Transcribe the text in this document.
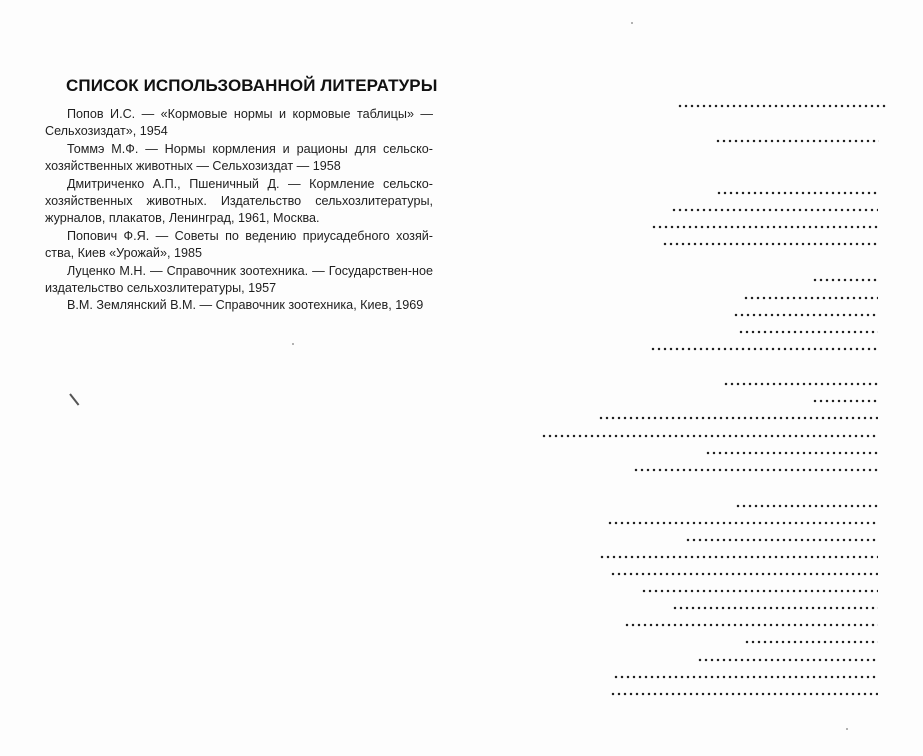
СПИСОК ИСПОЛЬЗОВАННОЙ ЛИТЕРАТУРЫ

Попов И.С. — «Кормовые нормы и кормовые таблицы» — Сельхозиздат», 1954

Томмэ М.Ф. — Нормы кормления и рационы для сельско-хозяйственных животных — Сельхозиздат — 1958

Дмитриченко А.П., Пшеничный Д. — Кормление сельско-хозяйственных животных. Издательство сельхозлитературы, журналов, плакатов, Ленинград, 1961, Москва.

Попович Ф.Я. — Советы по ведению приусадебного хозяй-ства, Киев «Урожай», 1985

Луценко М.Н. — Справочник зоотехника. — Государствен-ное издательство сельхозлитературы, 1957

В.М. Землянский В.М. — Справочник зоотехника, Киев, 1969
